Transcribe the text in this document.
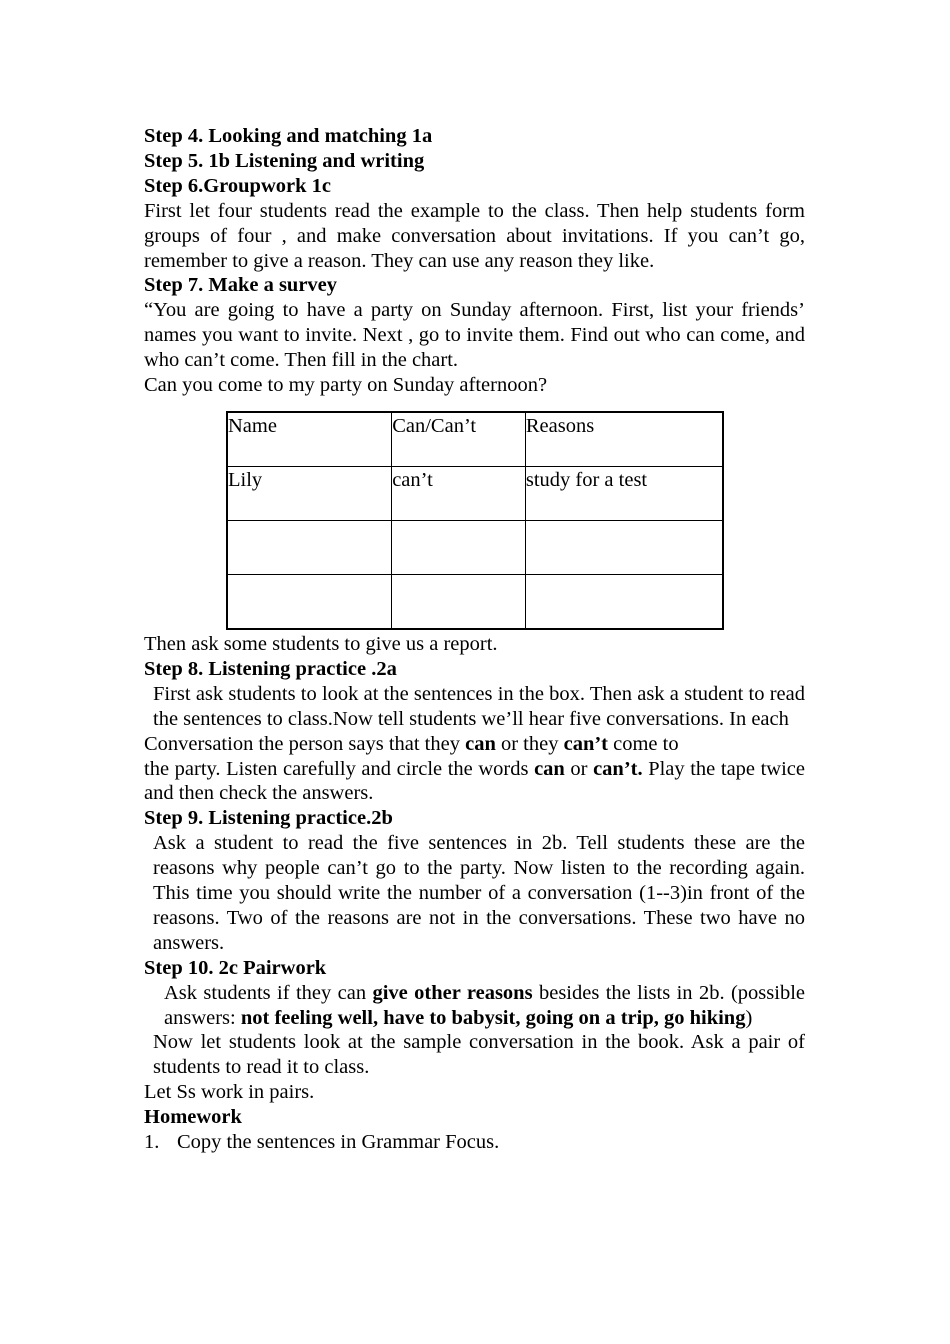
Step 4. Looking and matching 1a

Step 5. 1b Listening and writing

Step 6.Groupwork 1c

First let four students read the example to the class. Then help students form groups of four , and make conversation about invitations. If you can’t go, remember to give a reason. They can use any reason they like.

Step 7. Make a survey

“You are going to have a party on Sunday afternoon. First, list your friends’ names you want to invite. Next , go to invite them. Find out who can come, and who can’t come. Then fill in the chart.

Can you come to my party on Sunday afternoon?

Name	Can/Can’t	Reasons
Lily	can’t	study for a test

Then ask some students to give us a report.

Step 8. Listening practice .2a

First ask students to look at the sentences in the box. Then ask a student to read the sentences to class.Now tell students we’ll hear five conversations. In each

Conversation the person says that they can or they can’t come to

the party. Listen carefully and circle the words can or can’t. Play the tape twice and then check the answers.

Step 9. Listening practice.2b

Ask a student to read the five sentences in 2b. Tell students these are the reasons why people can’t go to the party. Now listen to the recording again. This time you should write the number of a conversation (1--3)in front of the reasons. Two of the reasons are not in the conversations. These two have no answers.

Step 10. 2c Pairwork

Ask students if they can give other reasons besides the lists in 2b. (possible answers: not feeling well, have to babysit, going on a trip, go hiking)

Now let students look at the sample conversation in the book. Ask a pair of students to read it to class.

Let Ss work in pairs.

Homework

1. Copy the sentences in Grammar Focus.
